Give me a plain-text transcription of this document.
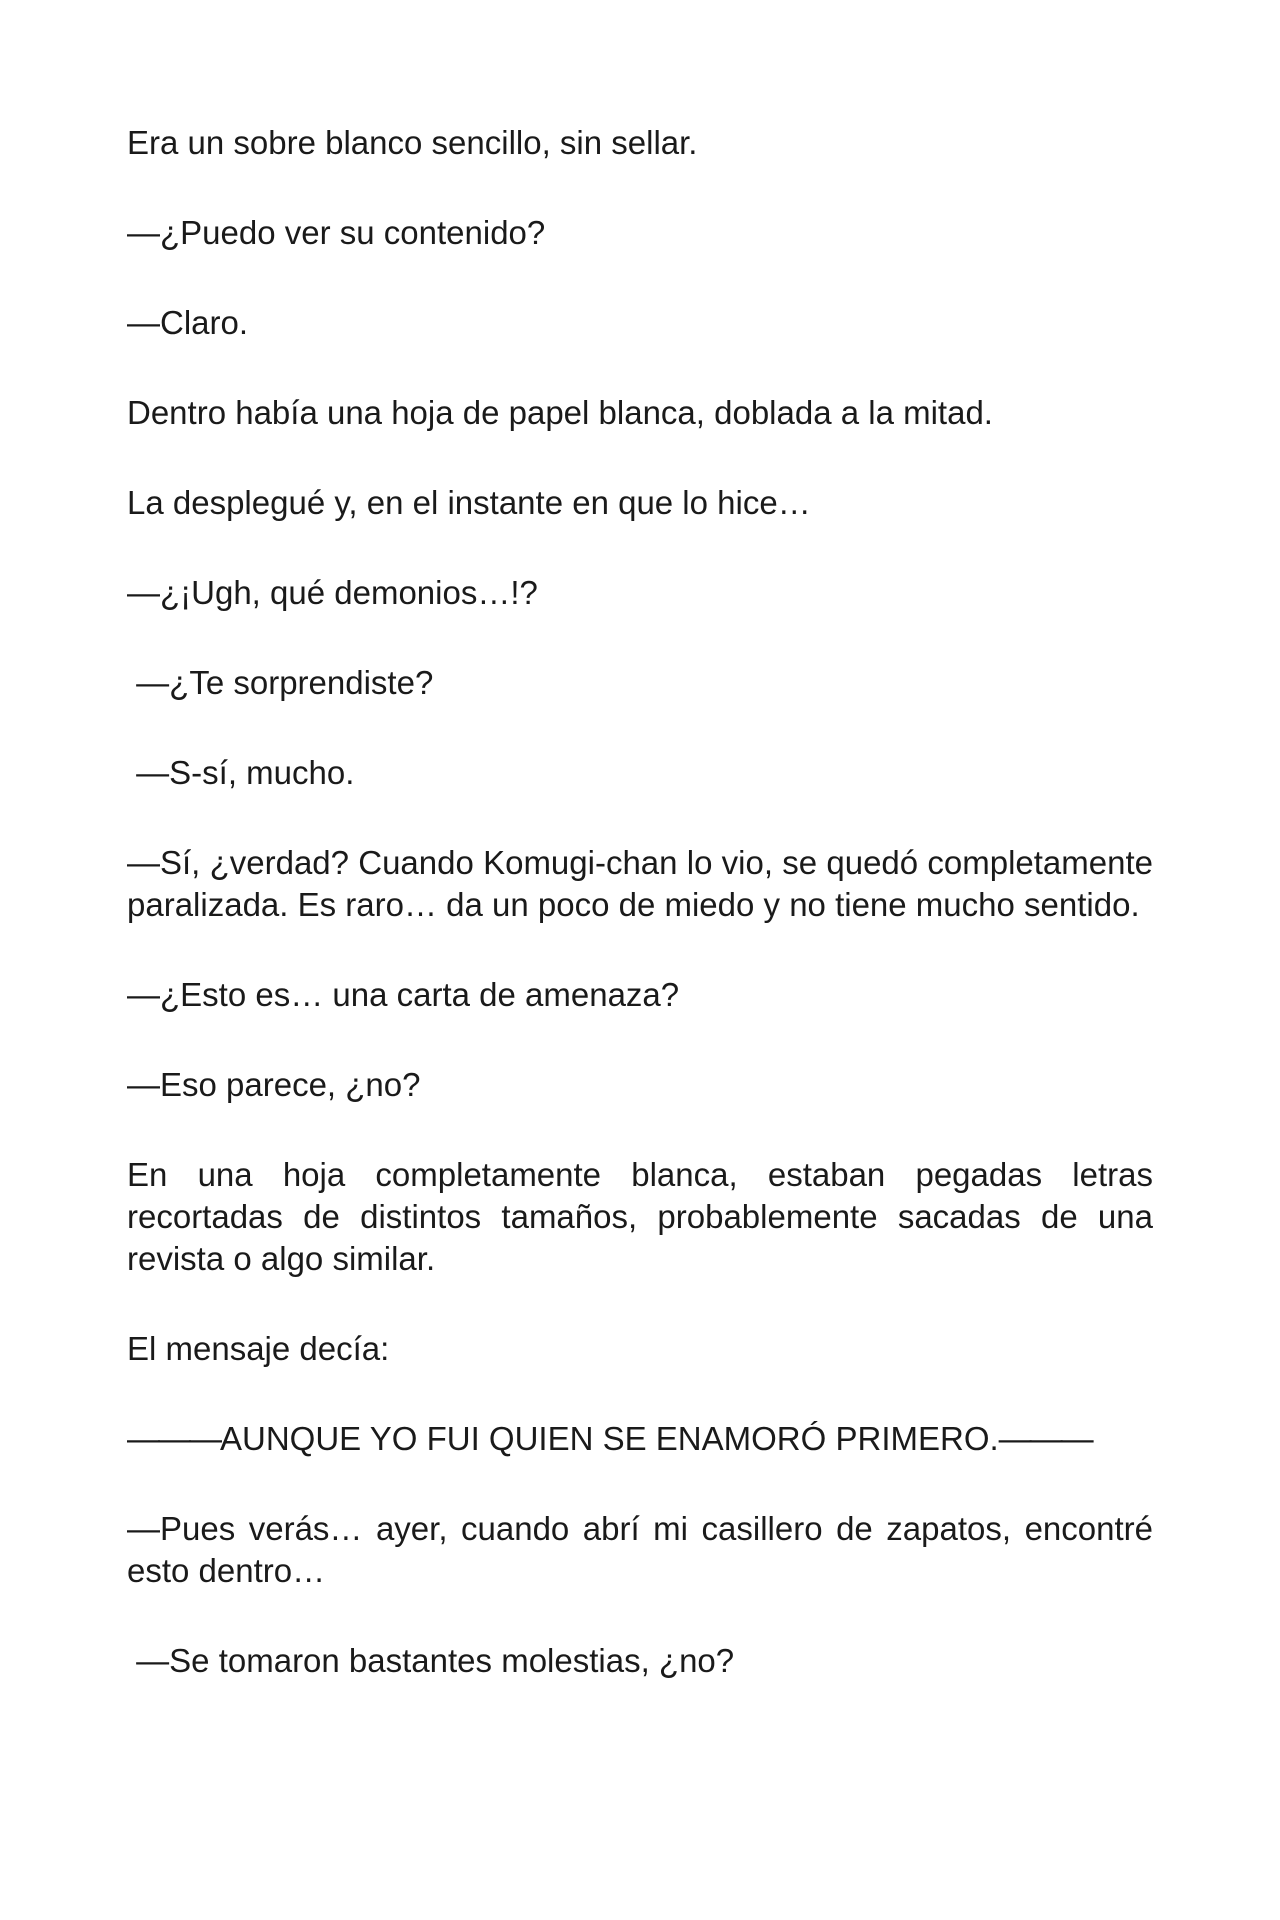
Era un sobre blanco sencillo, sin sellar.

—¿Puedo ver su contenido?

—Claro.

Dentro había una hoja de papel blanca, doblada a la mitad.

La desplegué y, en el instante en que lo hice…

—¿¡Ugh, qué demonios…!?

—¿Te sorprendiste?

—S-sí, mucho.

—Sí, ¿verdad? Cuando Komugi-chan lo vio, se quedó completamente paralizada. Es raro… da un poco de miedo y no tiene mucho sentido.

—¿Esto es… una carta de amenaza?

—Eso parece, ¿no?

En una hoja completamente blanca, estaban pegadas letras recortadas de distintos tamaños, probablemente sacadas de una revista o algo similar.

El mensaje decía:

———AUNQUE YO FUI QUIEN SE ENAMORÓ PRIMERO.———

—Pues verás… ayer, cuando abrí mi casillero de zapatos, encontré esto dentro…

—Se tomaron bastantes molestias, ¿no?
